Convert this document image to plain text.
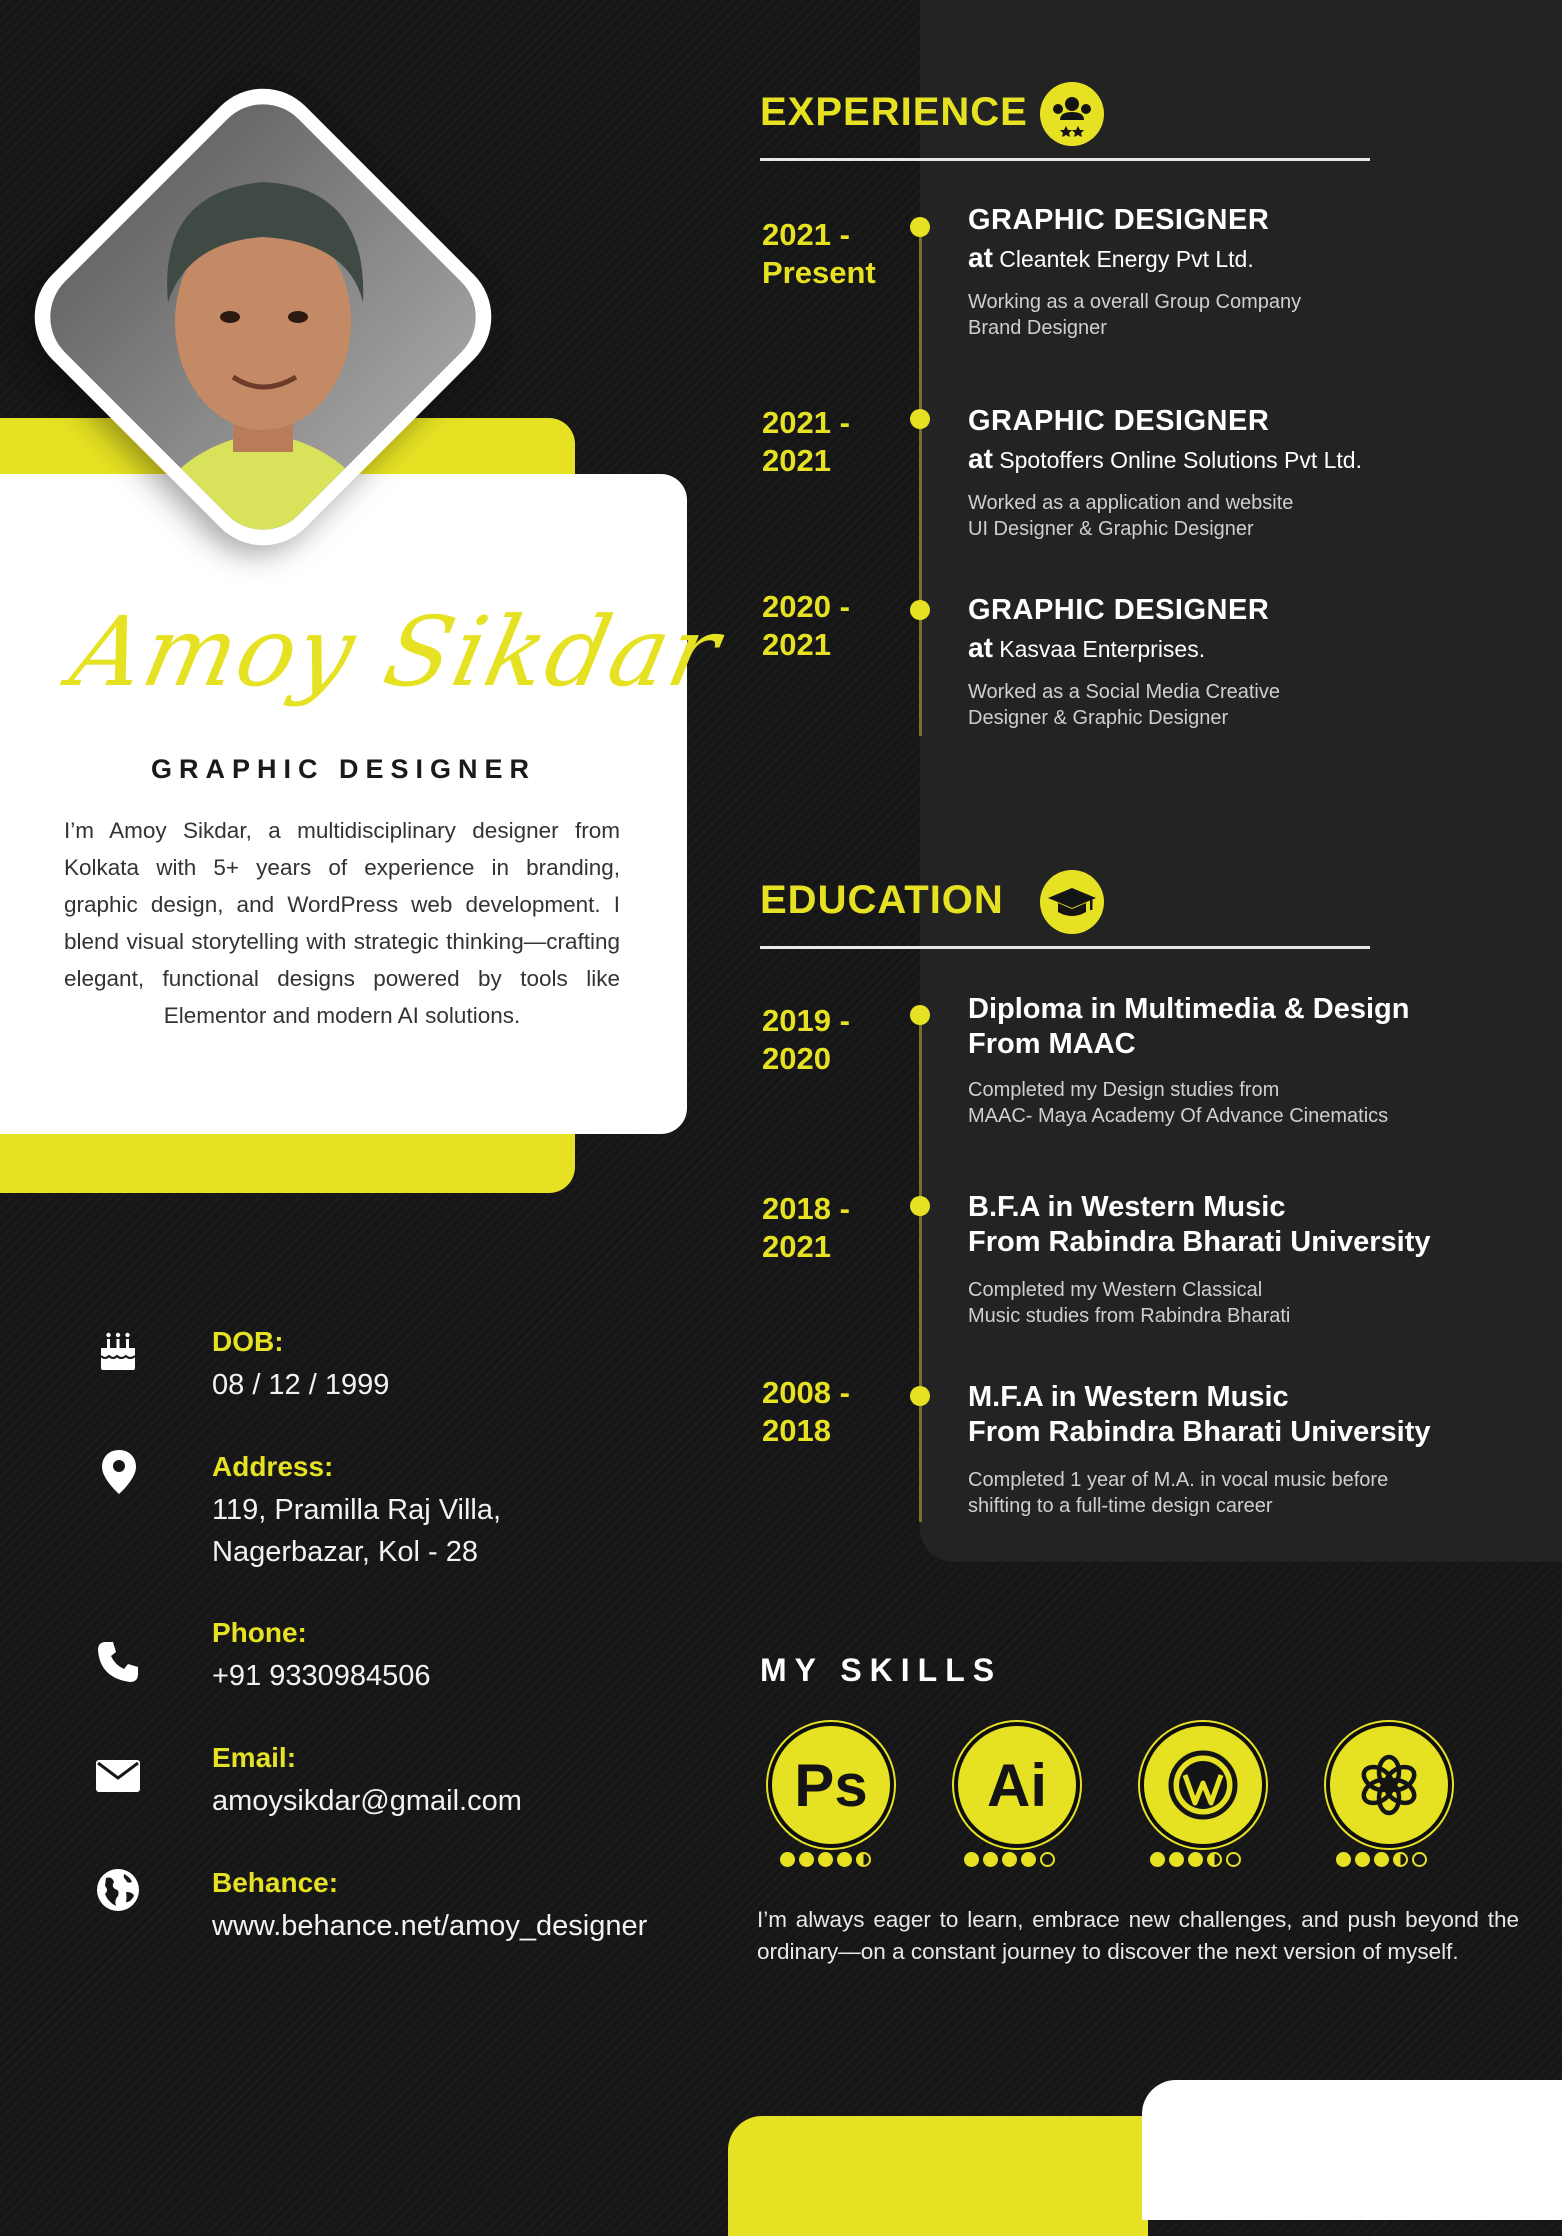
Amoy Sikdar
GRAPHIC DESIGNER
I’m Amoy Sikdar, a multidisciplinary designer from Kolkata with 5+ years of experience in branding, graphic design, and WordPress web development. I blend visual storytelling with strategic thinking—crafting elegant, functional designs powered by tools like Elementor and modern AI solutions.
DOB:
08 / 12 / 1999
Address:
119, Pramilla Raj Villa,
Nagerbazar, Kol - 28
Phone:
+91 9330984506
Email:
amoysikdar@gmail.com
Behance:
www.behance.net/amoy_designer
EXPERIENCE
2021 -
Present
GRAPHIC DESIGNER
at Cleantek Energy Pvt Ltd.
Working as a overall Group Company
Brand Designer
2021 -
2021
GRAPHIC DESIGNER
at Spotoffers Online Solutions Pvt Ltd.
Worked as a application and website
UI Designer & Graphic Designer
2020 -
2021
GRAPHIC DESIGNER
at Kasvaa Enterprises.
Worked as a Social Media Creative
Designer & Graphic Designer
EDUCATION
2019 -
2020
Diploma in Multimedia & Design
From MAAC
Completed my Design studies from
MAAC- Maya Academy Of Advance Cinematics
2018 -
2021
B.F.A in Western Music
From Rabindra Bharati University
Completed my Western Classical
Music studies from Rabindra Bharati
2008 -
2018
M.F.A in Western Music
From Rabindra Bharati University
Completed 1 year of M.A. in vocal music before
shifting to a full-time design career
MY SKILLS
Ps	Ai
I’m always eager to learn, embrace new challenges, and push beyond the ordinary—on a constant journey to discover the next version of myself.
